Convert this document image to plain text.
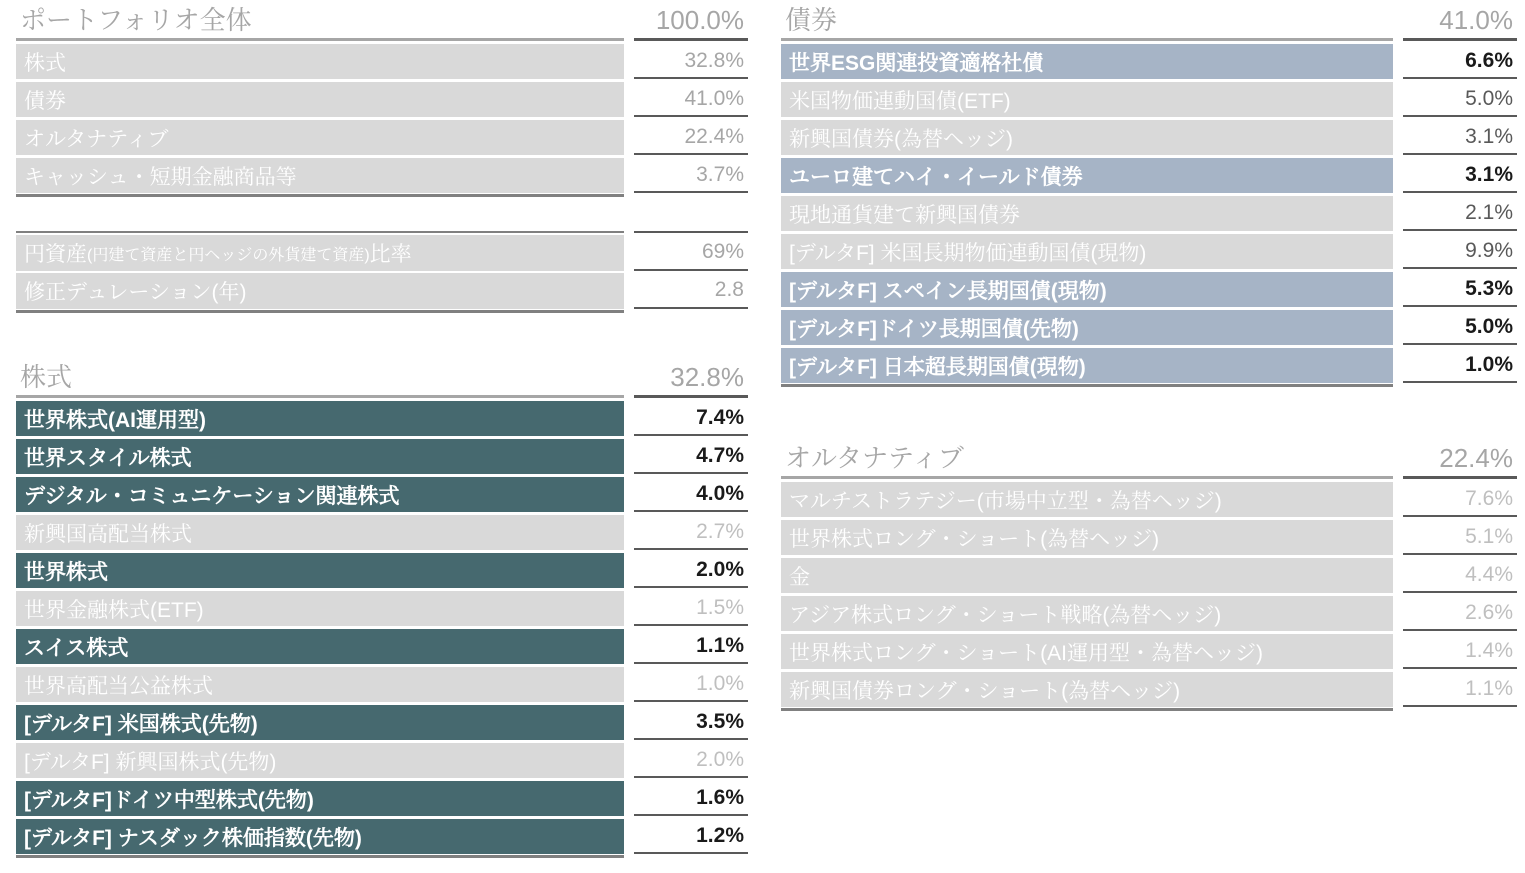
ポートフォリオ全体	100.0%
株式	32.8%
債券	41.0%
オルタナティブ	22.4%
キャッシュ・短期金融商品等	3.7%
円資産 (円建て資産と円ヘッジの外貨建て資産) 比率	69%
修正デュレーション(年)	2.8
株式	32.8%
世界株式(AI運用型)	7.4%
世界スタイル株式	4.7%
デジタル・コミュニケーション関連株式	4.0%
新興国高配当株式	2.7%
世界株式	2.0%
世界金融株式(ETF)	1.5%
スイス株式	1.1%
世界高配当公益株式	1.0%
[デルタF] 米国株式(先物)	3.5%
[デルタF] 新興国株式(先物)	2.0%
[デルタF]ドイツ中型株式(先物)	1.6%
[デルタF] ナスダック株価指数(先物)	1.2%
債券	41.0%
世界ESG関連投資適格社債	6.6%
米国物価連動国債(ETF)	5.0%
新興国債券(為替ヘッジ)	3.1%
ユーロ建てハイ・イールド債券	3.1%
現地通貨建て新興国債券	2.1%
[デルタF] 米国長期物価連動国債(現物)	9.9%
[デルタF] スペイン長期国債(現物)	5.3%
[デルタF]ドイツ長期国債(先物)	5.0%
[デルタF] 日本超長期国債(現物)	1.0%
オルタナティブ	22.4%
マルチストラテジー(市場中立型・為替ヘッジ)	7.6%
世界株式ロング・ショート(為替ヘッジ)	5.1%
金	4.4%
アジア株式ロング・ショート戦略(為替ヘッジ)	2.6%
世界株式ロング・ショート(AI運用型・為替ヘッジ)	1.4%
新興国債券ロング・ショート(為替ヘッジ)	1.1%
